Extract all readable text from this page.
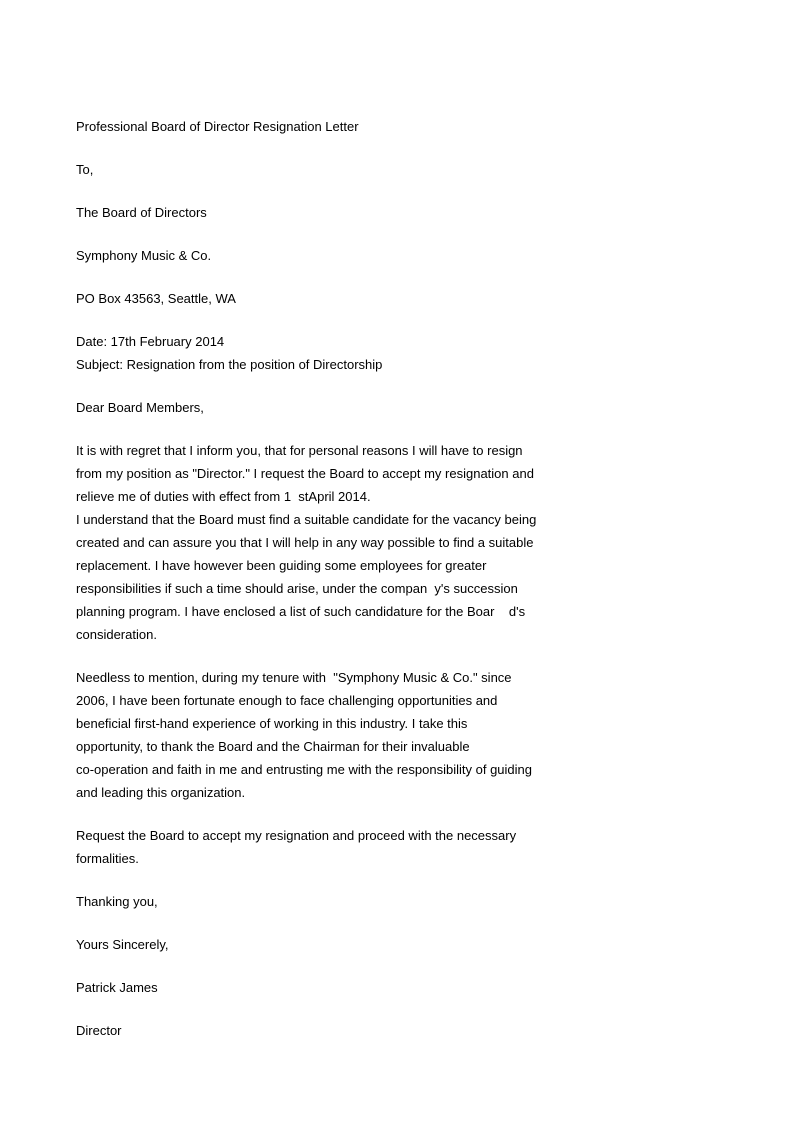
Professional Board of Director Resignation Letter

To,

The Board of Directors

Symphony Music & Co.

PO Box 43563, Seattle, WA

Date: 17th February 2014

Subject: Resignation from the position of Directorship

Dear Board Members,

It is with regret that I inform you, that for personal reasons I will have to resign

from my position as "Director." I request the Board to accept my resignation and

relieve me of duties with effect from 1  stApril 2014.

I understand that the Board must find a suitable candidate for the vacancy being

created and can assure you that I will help in any way possible to find a suitable

replacement. I have however been guiding some employees for greater

responsibilities if such a time should arise, under the compan  y's succession

planning program. I have enclosed a list of such candidature for the Boar    d's

consideration.

Needless to mention, during my tenure with  "Symphony Music & Co." since

2006, I have been fortunate enough to face challenging opportunities and

beneficial first-hand experience of working in this industry. I take this

opportunity, to thank the Board and the Chairman for their invaluable

co-operation and faith in me and entrusting me with the responsibility of guiding

and leading this organization.

Request the Board to accept my resignation and proceed with the necessary

formalities.

Thanking you,

Yours Sincerely,

Patrick James

Director
